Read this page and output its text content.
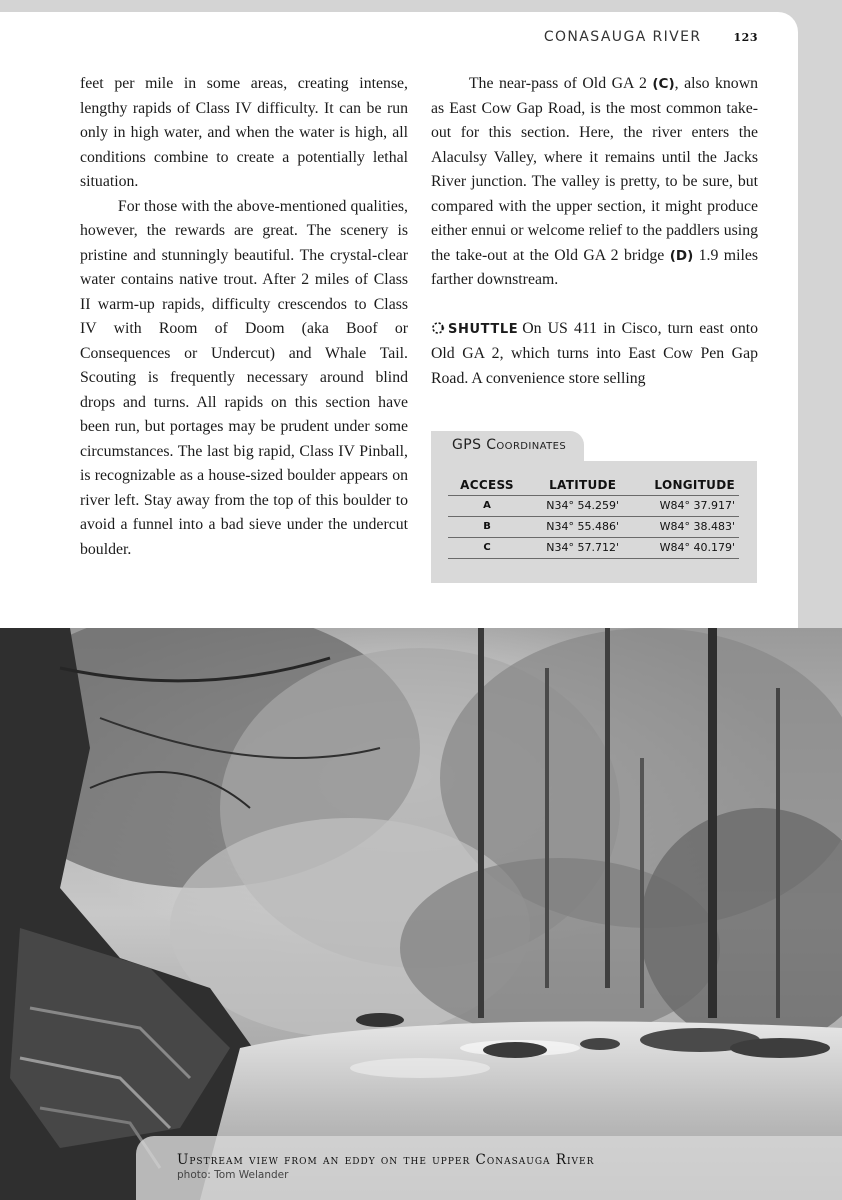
CONASAUGA RIVER	123

feet per mile in some areas, creating intense, lengthy rapids of Class IV difficulty. It can be run only in high water, and when the water is high, all conditions combine to create a potentially lethal situation.

For those with the above-mentioned qualities, however, the rewards are great. The scenery is pristine and stunningly beautiful. The crystal-clear water contains native trout. After 2 miles of Class II warm-up rapids, difficulty crescendos to Class IV with Room of Doom (aka Boof or Consequences or Undercut) and Whale Tail. Scouting is frequently necessary around blind drops and turns. All rapids on this section have been run, but portages may be prudent under some circumstances. The last big rapid, Class IV Pinball, is recognizable as a house-sized boulder appears on river left. Stay away from the top of this boulder to avoid a funnel into a bad sieve under the undercut boulder.

The near-pass of Old GA 2 (C), also known as East Cow Gap Road, is the most common take-out for this section. Here, the river enters the Alaculsy Valley, where it remains until the Jacks River junction. The valley is pretty, to be sure, but compared with the upper section, it might produce either ennui or welcome relief to the paddlers using the take-out at the Old GA 2 bridge (D) 1.9 miles farther downstream.

SHUTTLE On US 411 in Cisco, turn east onto Old GA 2, which turns into East Cow Pen Gap Road. A convenience store selling

GPS Coordinates
ACCESS	LATITUDE	LONGITUDE
A	N34° 54.259'	W84° 37.917'
B	N34° 55.486'	W84° 38.483'
C	N34° 57.712'	W84° 40.179'
Upstream view from an eddy on the upper Conasauga River
photo: Tom Welander
